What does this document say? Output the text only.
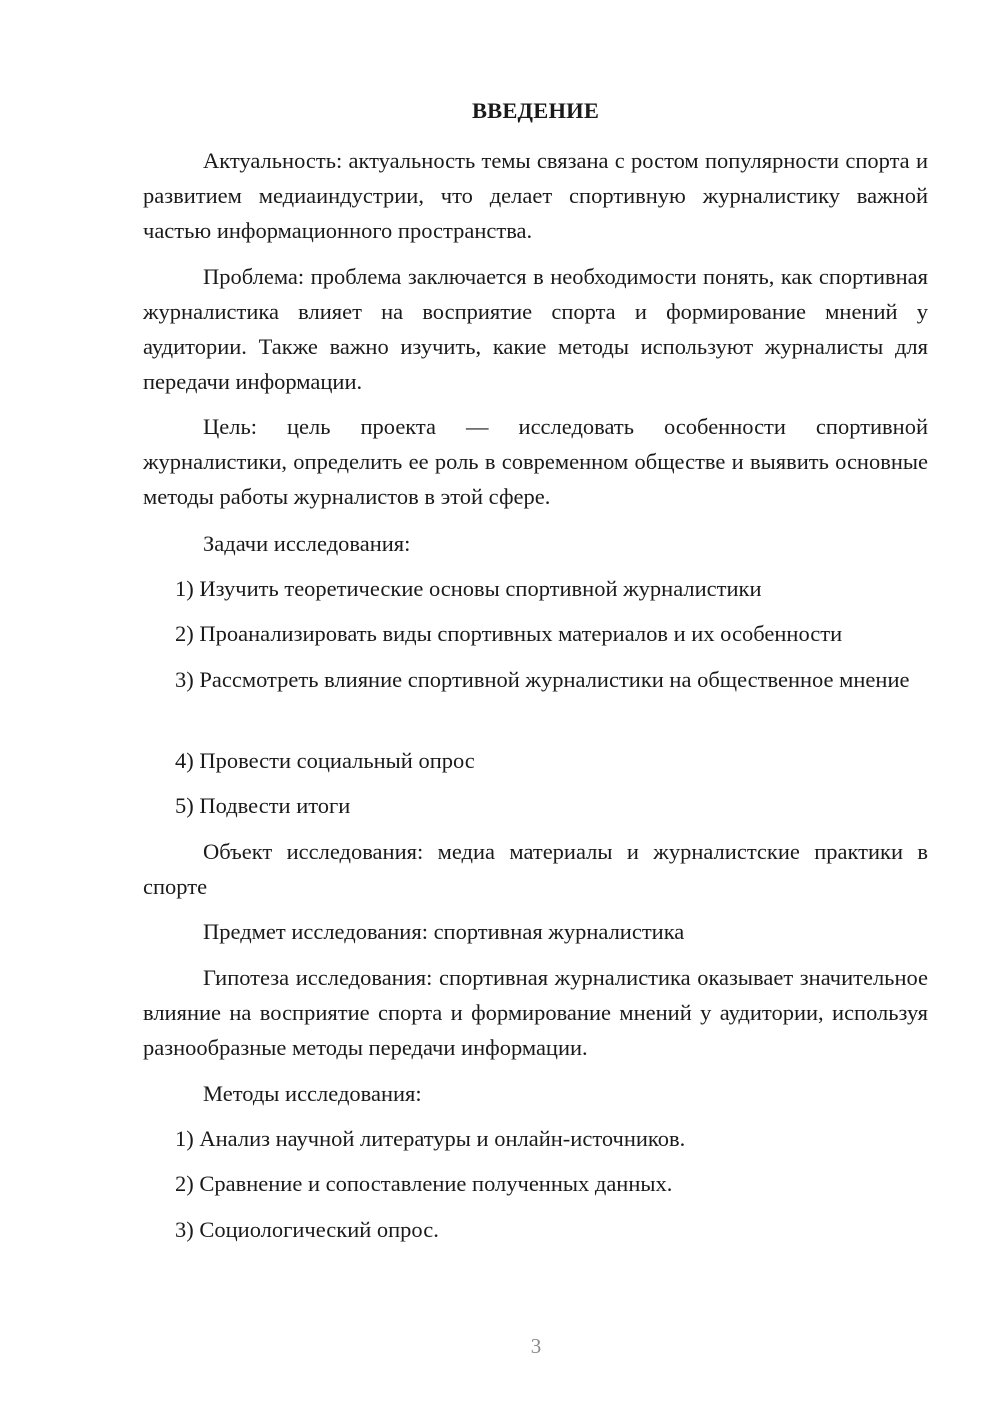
ВВЕДЕНИЕ

Актуальность: актуальность темы связана с ростом популярности спорта и развитием медиаиндустрии, что делает спортивную журналистику важной частью информационного пространства.

Проблема: проблема заключается в необходимости понять, как спортивная журналистика влияет на восприятие спорта и формирование мнений у аудитории. Также важно изучить, какие методы используют журналисты для передачи информации.

Цель: цель проекта — исследовать особенности спортивной журналистики, определить ее роль в современном обществе и выявить основные методы работы журналистов в этой сфере.

Задачи исследования:

1) Изучить теоретические основы спортивной журналистики

2) Проанализировать виды спортивных материалов и их особенности

3) Рассмотреть влияние спортивной журналистики на общественное мнение

4) Провести социальный опрос

5) Подвести итоги

Объект исследования: медиа материалы и журналистские практики в спорте

Предмет исследования: спортивная журналистика

Гипотеза исследования: спортивная журналистика оказывает значительное влияние на восприятие спорта и формирование мнений у аудитории, используя разнообразные методы передачи информации.

Методы исследования:

1) Анализ научной литературы и онлайн-источников.

2) Сравнение и сопоставление полученных данных.

3) Социологический опрос.

3
